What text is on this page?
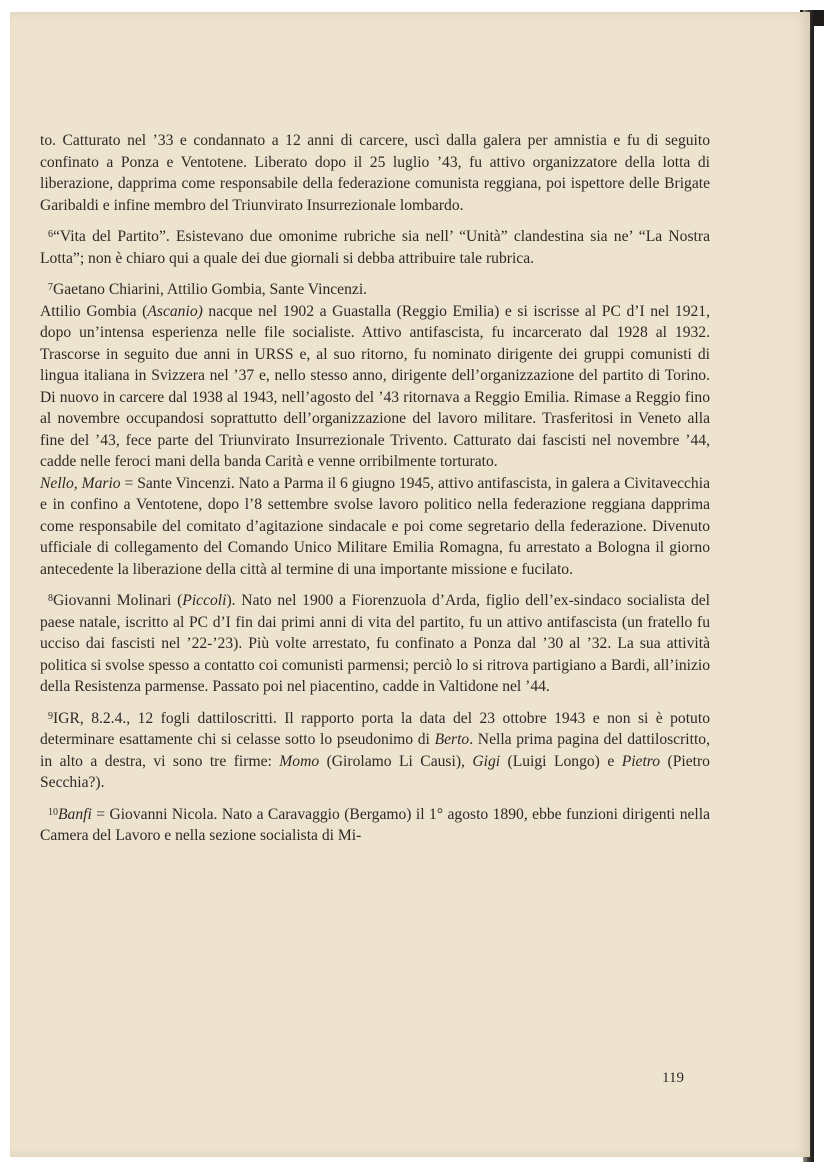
to. Catturato nel ’33 e condannato a 12 anni di carcere, uscì dalla galera per amnistia e fu di seguito confinato a Ponza e Ventotene. Liberato dopo il 25 luglio ’43, fu attivo organizzatore della lotta di liberazione, dapprima come responsabile della federazione comunista reggiana, poi ispettore delle Brigate Garibaldi e infine membro del Triunvirato Insurrezionale lombardo.

$^6$“Vita del Partito”. Esistevano due omonime rubriche sia nell’ “Unità” clandestina sia ne’ “La Nostra Lotta”; non è chiaro qui a quale dei due giornali si debba attribuire tale rubrica.

$^7$Gaetano Chiarini, Attilio Gombia, Sante Vincenzi.

Attilio Gombia (Ascanio) nacque nel 1902 a Guastalla (Reggio Emilia) e si iscrisse al PC d’I nel 1921, dopo un’intensa esperienza nelle file socialiste. Attivo antifascista, fu incarcerato dal 1928 al 1932. Trascorse in seguito due anni in URSS e, al suo ritorno, fu nominato dirigente dei gruppi comunisti di lingua italiana in Svizzera nel ’37 e, nello stesso anno, dirigente dell’organizzazione del partito di Torino. Di nuovo in carcere dal 1938 al 1943, nell’agosto del ’43 ritornava a Reggio Emilia. Rimase a Reggio fino al novembre occupandosi soprattutto dell’organizzazione del lavoro militare. Trasferitosi in Veneto alla fine del ’43, fece parte del Triunvirato Insurrezionale Trivento. Catturato dai fascisti nel novembre ’44, cadde nelle feroci mani della banda Carità e venne orribilmente torturato.

Nello, Mario = Sante Vincenzi. Nato a Parma il 6 giugno 1945, attivo antifascista, in galera a Civitavecchia e in confino a Ventotene, dopo l’8 settembre svolse lavoro politico nella federazione reggiana dapprima come responsabile del comitato d’agitazione sindacale e poi come segretario della federazione. Divenuto ufficiale di collegamento del Comando Unico Militare Emilia Romagna, fu arrestato a Bologna il giorno antecedente la liberazione della città al termine di una importante missione e fucilato.

$^8$Giovanni Molinari (Piccoli). Nato nel 1900 a Fiorenzuola d’Arda, figlio dell’ex-sindaco socialista del paese natale, iscritto al PC d’I fin dai primi anni di vita del partito, fu un attivo antifascista (un fratello fu ucciso dai fascisti nel ’22-’23). Più volte arrestato, fu confinato a Ponza dal ’30 al ’32. La sua attività politica si svolse spesso a contatto coi comunisti parmensi; perciò lo si ritrova partigiano a Bardi, all’inizio della Resistenza parmense. Passato poi nel piacentino, cadde in Valtidone nel ’44.

$^9$IGR, 8.2.4., 12 fogli dattiloscritti. Il rapporto porta la data del 23 ottobre 1943 e non si è potuto determinare esattamente chi si celasse sotto lo pseudonimo di Berto. Nella prima pagina del dattiloscritto, in alto a destra, vi sono tre firme: Momo (Girolamo Li Causi), Gigi (Luigi Longo) e Pietro (Pietro Secchia?).

$^{10}$Banfi = Giovanni Nicola. Nato a Caravaggio (Bergamo) il 1° agosto 1890, ebbe funzioni dirigenti nella Camera del Lavoro e nella sezione socialista di Mi-

119
